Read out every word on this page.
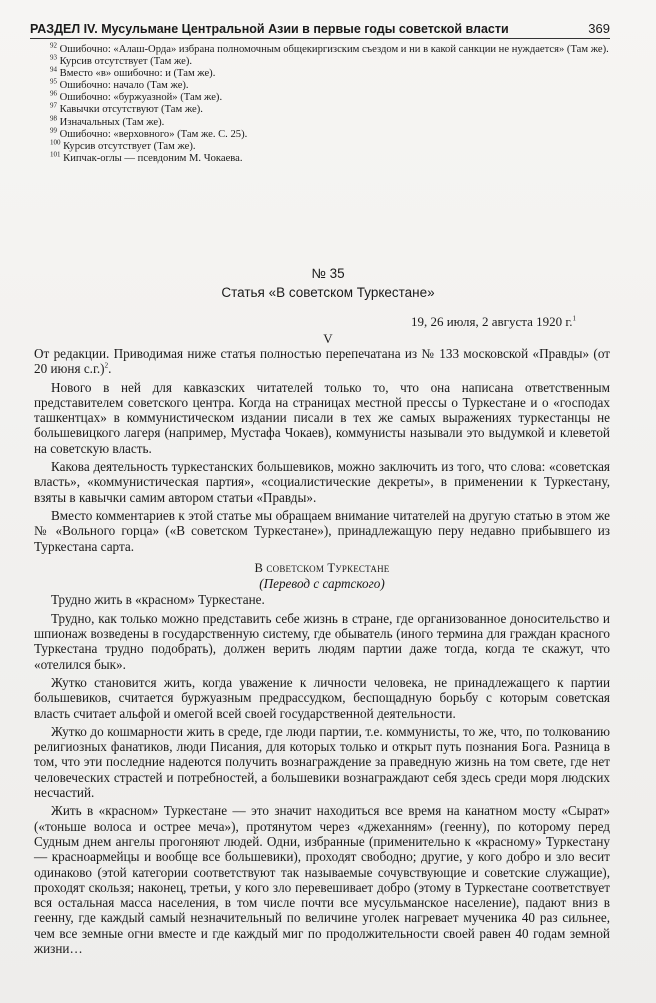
РАЗДЕЛ IV. Мусульмане Центральной Азии в первые годы советской власти	369
$^{92}$ Ошибочно: «Алаш-Орда» избрана полномочным общекиргизским съездом и ни в какой санкции не нуждается» (Там же).
$^{93}$ Курсив отсутствует (Там же).
$^{94}$ Вместо «в» ошибочно: и (Там же).
$^{95}$ Ошибочно: начало (Там же).
$^{96}$ Ошибочно: «буржуазной» (Там же).
$^{97}$ Кавычки отсутствуют (Там же).
$^{98}$ Изначальных (Там же).
$^{99}$ Ошибочно: «верховного» (Там же. С. 25).
$^{100}$ Курсив отсутствует (Там же).
$^{101}$ Кипчак-оглы — псевдоним М. Чокаева.
№ 35
Статья «В советском Туркестане»
19, 26 июля, 2 августа 1920 г.$^1$
V

От редакции. Приводимая ниже статья полностью перепечатана из № 133 московской «Правды» (от 20 июня с.г.)$^2$.

Нового в ней для кавказских читателей только то, что она написана ответственным представителем советского центра. Когда на страницах местной прессы о Туркестане и о «господах ташкентцах» в коммунистическом издании писали в тех же самых выражениях туркестанцы не большевицкого лагеря (например, Мустафа Чокаев), коммунисты называли это выдумкой и клеветой на советскую власть.

Какова деятельность туркестанских большевиков, можно заключить из того, что слова: «советская власть», «коммунистическая партия», «социалистические декреты», в применении к Туркестану, взяты в кавычки самим автором статьи «Правды».

Вместо комментариев к этой статье мы обращаем внимание читателей на другую статью в этом же № «Вольного горца» («В советском Туркестане»), принадлежащую перу недавно прибывшего из Туркестана сарта.

В советском Туркестане

(Перевод с сартского)

Трудно жить в «красном» Туркестане.

Трудно, как только можно представить себе жизнь в стране, где организованное доносительство и шпионаж возведены в государственную систему, где обыватель (иного термина для граждан красного Туркестана трудно подобрать), должен верить людям партии даже тогда, когда те скажут, что «отелился бык».

Жутко становится жить, когда уважение к личности человека, не принадлежащего к партии большевиков, считается буржуазным предрассудком, беспощадную борьбу с которым советская власть считает альфой и омегой всей своей государственной деятельности.

Жутко до кошмарности жить в среде, где люди партии, т.е. коммунисты, то же, что, по толкованию религиозных фанатиков, люди Писания, для которых только и открыт путь познания Бога. Разница в том, что эти последние надеются получить вознаграждение за праведную жизнь на том свете, где нет человеческих страстей и потребностей, а большевики вознаграждают себя здесь среди моря людских несчастий.

Жить в «красном» Туркестане — это значит находиться все время на канатном мосту «Сырат» («тоньше волоса и острее меча»), протянутом через «джеханням» (геенну), по которому перед Судным днем ангелы прогоняют людей. Одни, избранные (применительно к «красному» Туркестану — красноармейцы и вообще все большевики), проходят свободно; другие, у кого добро и зло весит одинаково (этой категории соответствуют так называемые сочувствующие и советские служащие), проходят скользя; наконец, третьи, у кого зло перевешивает добро (этому в Туркестане соответствует вся остальная масса населения, в том числе почти все мусульманское население), падают вниз в геенну, где каждый самый незначительный по величине уголек нагревает мученика 40 раз сильнее, чем все земные огни вместе и где каждый миг по продолжительности своей равен 40 годам земной жизни…
